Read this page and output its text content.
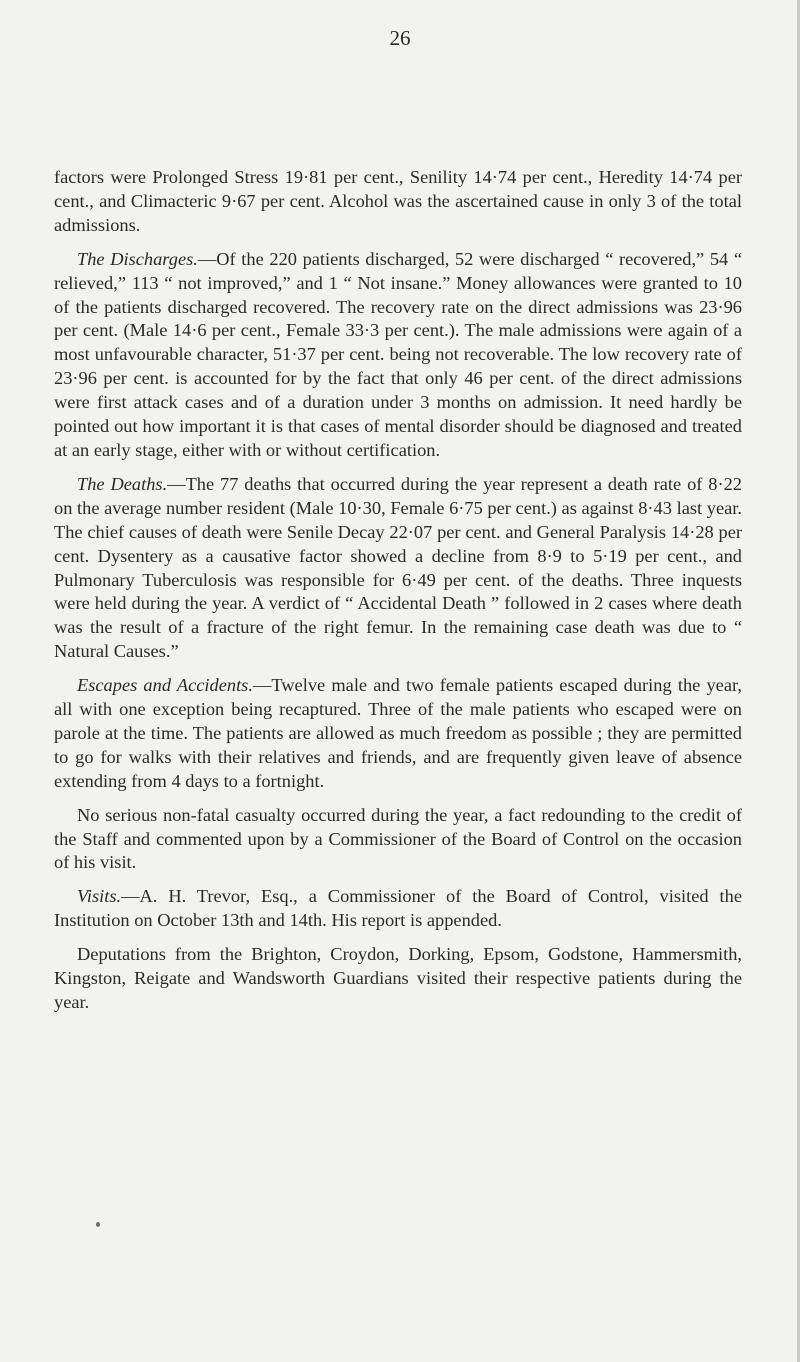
26

factors were Prolonged Stress 19·81 per cent., Senility 14·74 per cent., Heredity 14·74 per cent., and Climacteric 9·67 per cent. Alcohol was the ascertained cause in only 3 of the total admissions.

The Discharges.—Of the 220 patients discharged, 52 were discharged “ recovered,” 54 “ relieved,” 113 “ not improved,” and 1 “ Not insane.” Money allowances were granted to 10 of the patients discharged recovered. The recovery rate on the direct admissions was 23·96 per cent. (Male 14·6 per cent., Female 33·3 per cent.). The male admissions were again of a most unfavourable character, 51·37 per cent. being not recoverable. The low recovery rate of 23·96 per cent. is accounted for by the fact that only 46 per cent. of the direct admissions were first attack cases and of a duration under 3 months on admission. It need hardly be pointed out how important it is that cases of mental disorder should be diagnosed and treated at an early stage, either with or without certification.

The Deaths.—The 77 deaths that occurred during the year represent a death rate of 8·22 on the average number resident (Male 10·30, Female 6·75 per cent.) as against 8·43 last year. The chief causes of death were Senile Decay 22·07 per cent. and General Paralysis 14·28 per cent. Dysentery as a causative factor showed a decline from 8·9 to 5·19 per cent., and Pulmonary Tuberculosis was responsible for 6·49 per cent. of the deaths. Three inquests were held during the year. A verdict of “ Accidental Death ” followed in 2 cases where death was the result of a fracture of the right femur. In the remaining case death was due to “ Natural Causes.”

Escapes and Accidents.—Twelve male and two female patients escaped during the year, all with one exception being recaptured. Three of the male patients who escaped were on parole at the time. The patients are allowed as much freedom as possible ; they are permitted to go for walks with their relatives and friends, and are frequently given leave of absence extending from 4 days to a fortnight.

No serious non-fatal casualty occurred during the year, a fact redounding to the credit of the Staff and commented upon by a Commissioner of the Board of Control on the occasion of his visit.

Visits.—A. H. Trevor, Esq., a Commissioner of the Board of Control, visited the Institution on October 13th and 14th. His report is appended.

Deputations from the Brighton, Croydon, Dorking, Epsom, Godstone, Hammersmith, Kingston, Reigate and Wandsworth Guardians visited their respective patients during the year.
